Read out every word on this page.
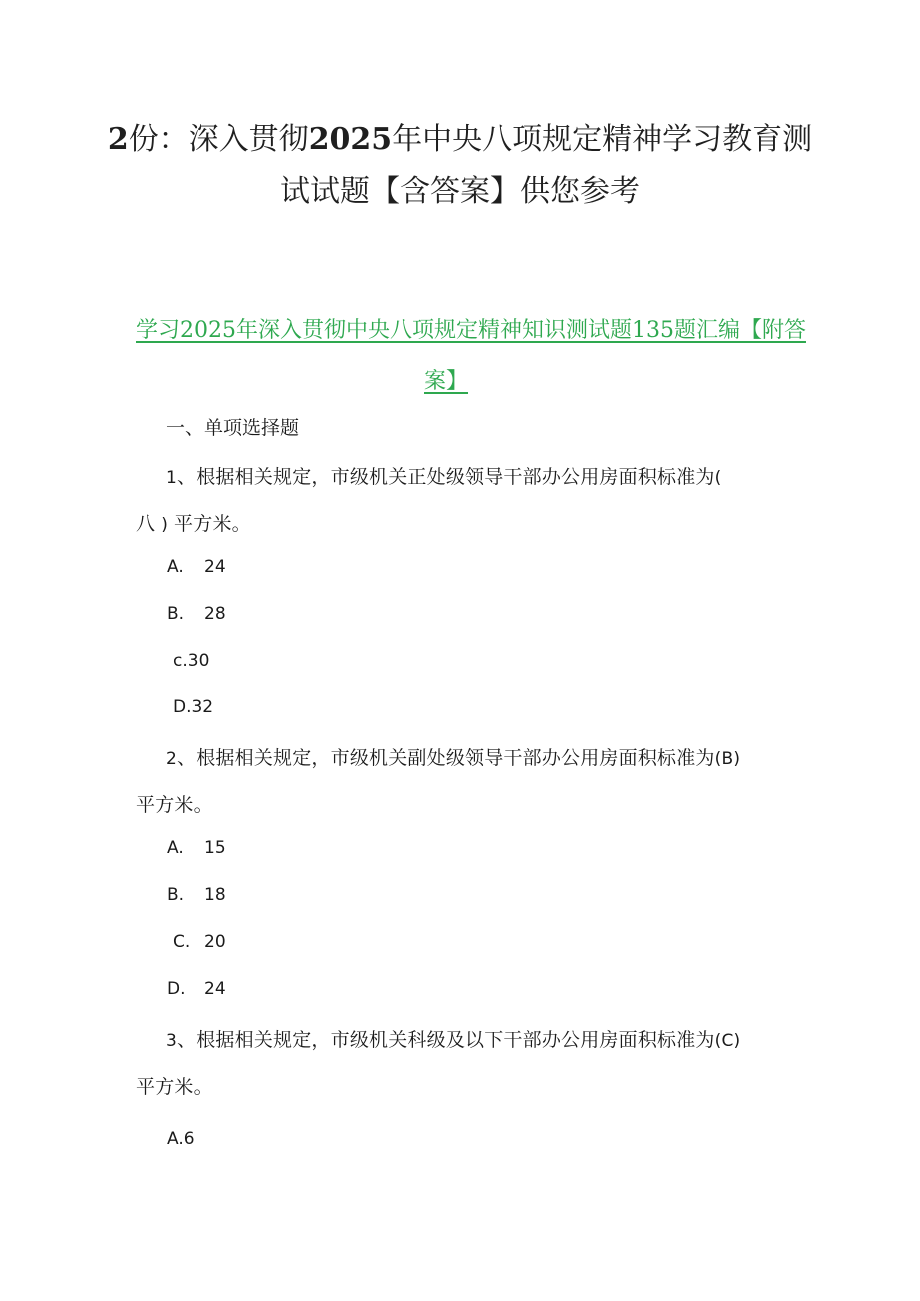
2份：深入贯彻2025年中央八项规定精神学习教育测
试试题【含答案】供您参考
学习2025年深入贯彻中央八项规定精神知识测试题135题汇编【附答
案】
一、单项选择题
1、根据相关规定，市级机关正处级领导干部办公用房面积标准为(
八 ) 平方米。
A. 24
B. 28
c.30
D.32
2、根据相关规定，市级机关副处级领导干部办公用房面积标准为(B)
平方米。
A. 15
B. 18
C. 20
D. 24
3、根据相关规定，市级机关科级及以下干部办公用房面积标准为(C)
平方米。
A.6
